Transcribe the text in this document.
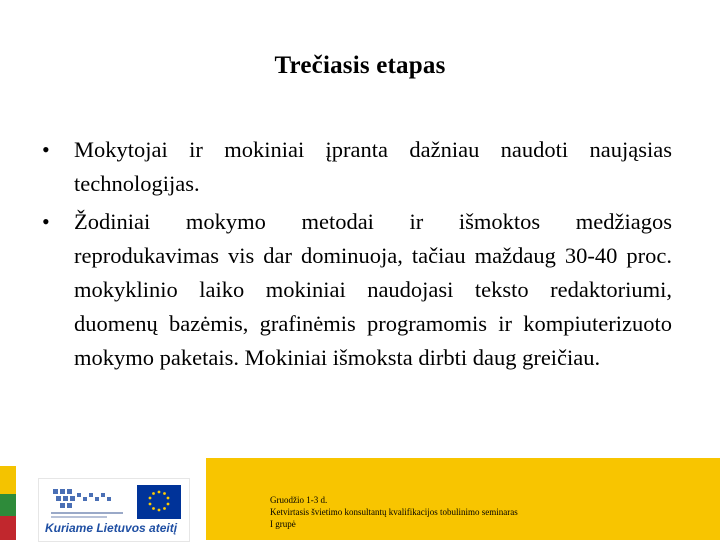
Trečiasis etapas
• Mokytojai ir mokiniai įpranta dažniau naudoti naująsias technologijas.
• Žodiniai mokymo metodai ir išmoktos medžiagos reprodukavimas vis dar dominuoja, tačiau maždaug 30-40 proc. mokyklinio laiko mokiniai naudojasi teksto redaktoriumi, duomenų bazėmis, grafinėmis programomis ir kompiuterizuoto mokymo paketais. Mokiniai išmoksta dirbti daug greičiau.
Kuriame Lietuvos ateitį
Gruodžio 1-3 d.
Ketvirtasis švietimo konsultantų kvalifikacijos tobulinimo seminaras
I grupė
